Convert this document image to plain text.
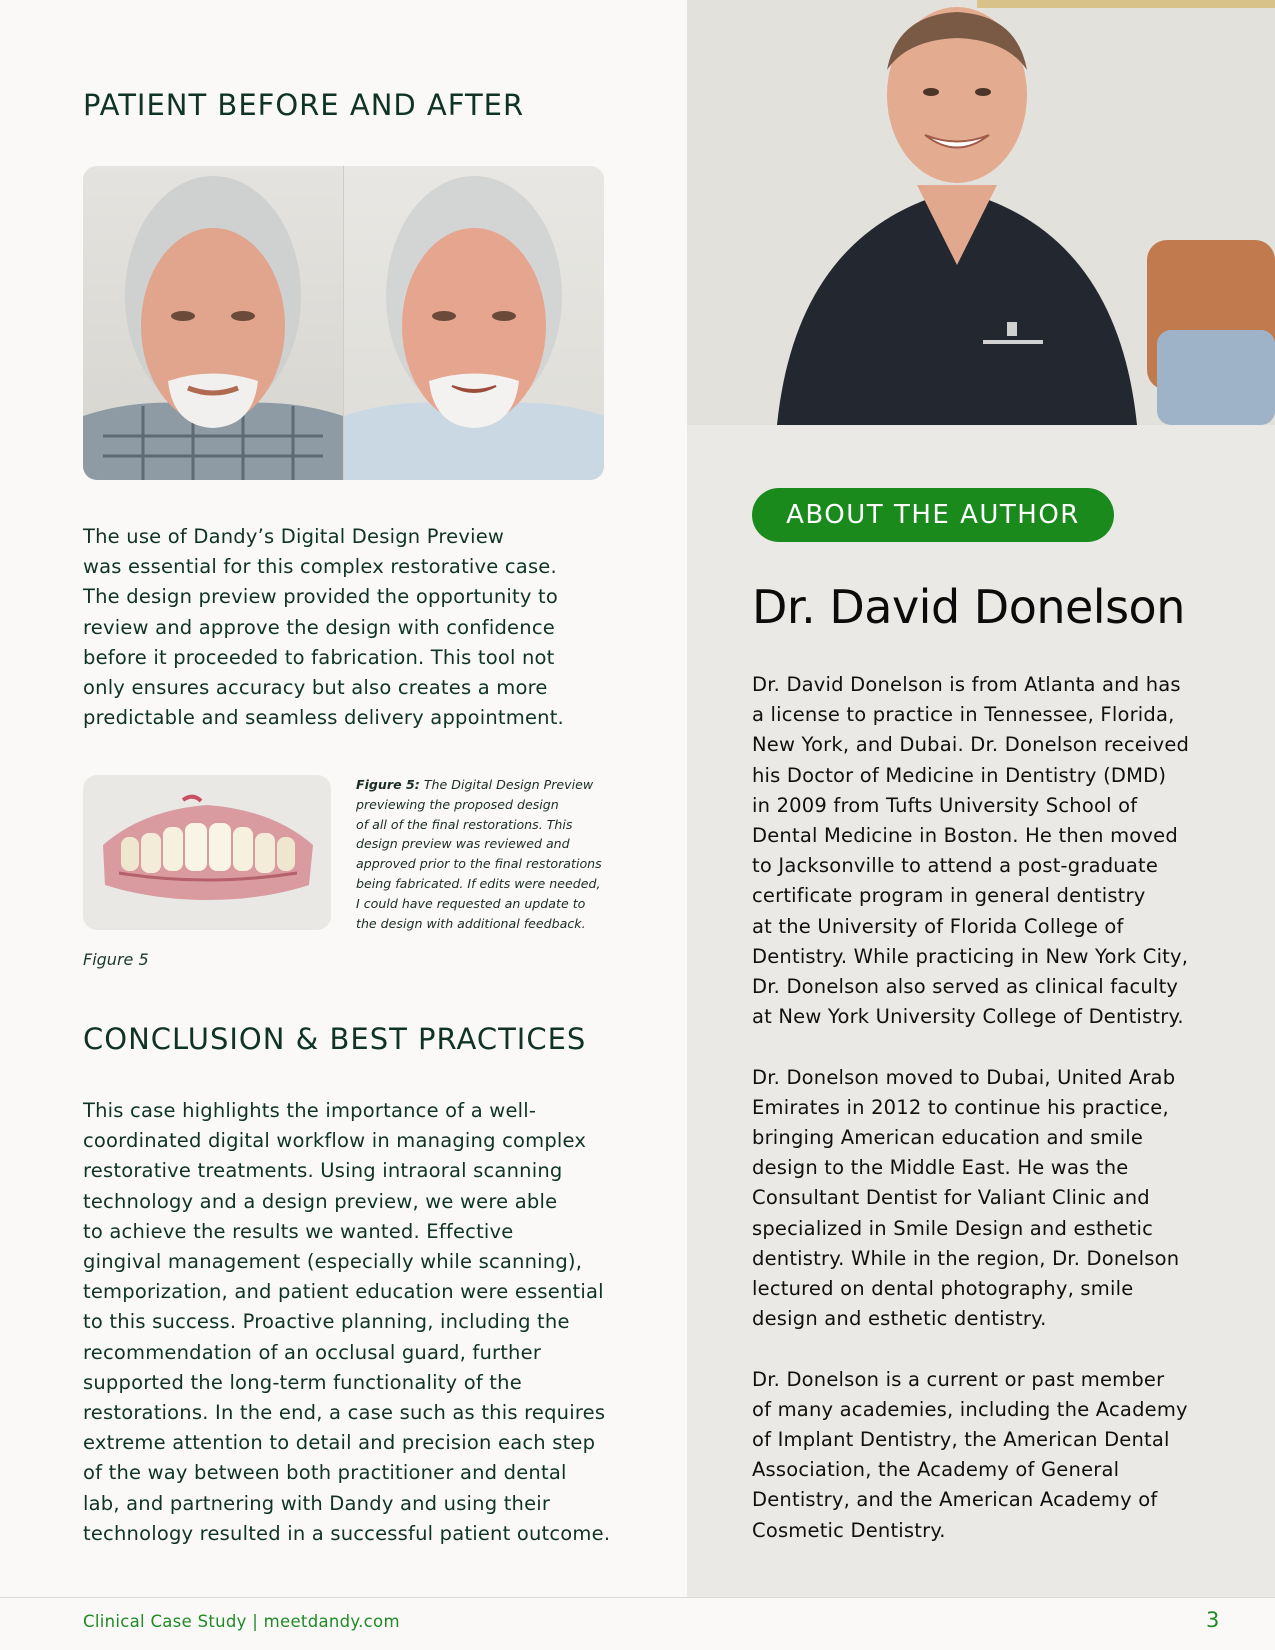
PATIENT BEFORE AND AFTER

The use of Dandy’s Digital Design Preview

was essential for this complex restorative case.

The design preview provided the opportunity to

review and approve the design with confidence

before it proceeded to fabrication. This tool not

only ensures accuracy but also creates a more

predictable and seamless delivery appointment.

Figure 5: The Digital Design Preview
previewing the proposed design
of all of the final restorations. This
design preview was reviewed and
approved prior to the final restorations
being fabricated. If edits were needed,
I could have requested an update to
the design with additional feedback.

Figure 5

CONCLUSION & BEST PRACTICES

This case highlights the importance of a well-

coordinated digital workflow in managing complex

restorative treatments. Using intraoral scanning

technology and a design preview, we were able

to achieve the results we wanted. Effective

gingival management (especially while scanning),

temporization, and patient education were essential

to this success. Proactive planning, including the

recommendation of an occlusal guard, further

supported the long-term functionality of the

restorations. In the end, a case such as this requires

extreme attention to detail and precision each step

of the way between both practitioner and dental

lab, and partnering with Dandy and using their

technology resulted in a successful patient outcome.

ABOUT THE AUTHOR
Dr. David Donelson

Dr. David Donelson is from Atlanta and has
a license to practice in Tennessee, Florida,
New York, and Dubai. Dr. Donelson received
his Doctor of Medicine in Dentistry (DMD)
in 2009 from Tufts University School of
Dental Medicine in Boston. He then moved
to Jacksonville to attend a post-graduate
certificate program in general dentistry
at the University of Florida College of
Dentistry. While practicing in New York City,
Dr. Donelson also served as clinical faculty
at New York University College of Dentistry.

Dr. Donelson moved to Dubai, United Arab
Emirates in 2012 to continue his practice,
bringing American education and smile
design to the Middle East. He was the
Consultant Dentist for Valiant Clinic and
specialized in Smile Design and esthetic
dentistry. While in the region, Dr. Donelson
lectured on dental photography, smile
design and esthetic dentistry.

Dr. Donelson is a current or past member
of many academies, including the Academy
of Implant Dentistry, the American Dental
Association, the Academy of General
Dentistry, and the American Academy of
Cosmetic Dentistry.

Clinical Case Study | meetdandy.com	3
